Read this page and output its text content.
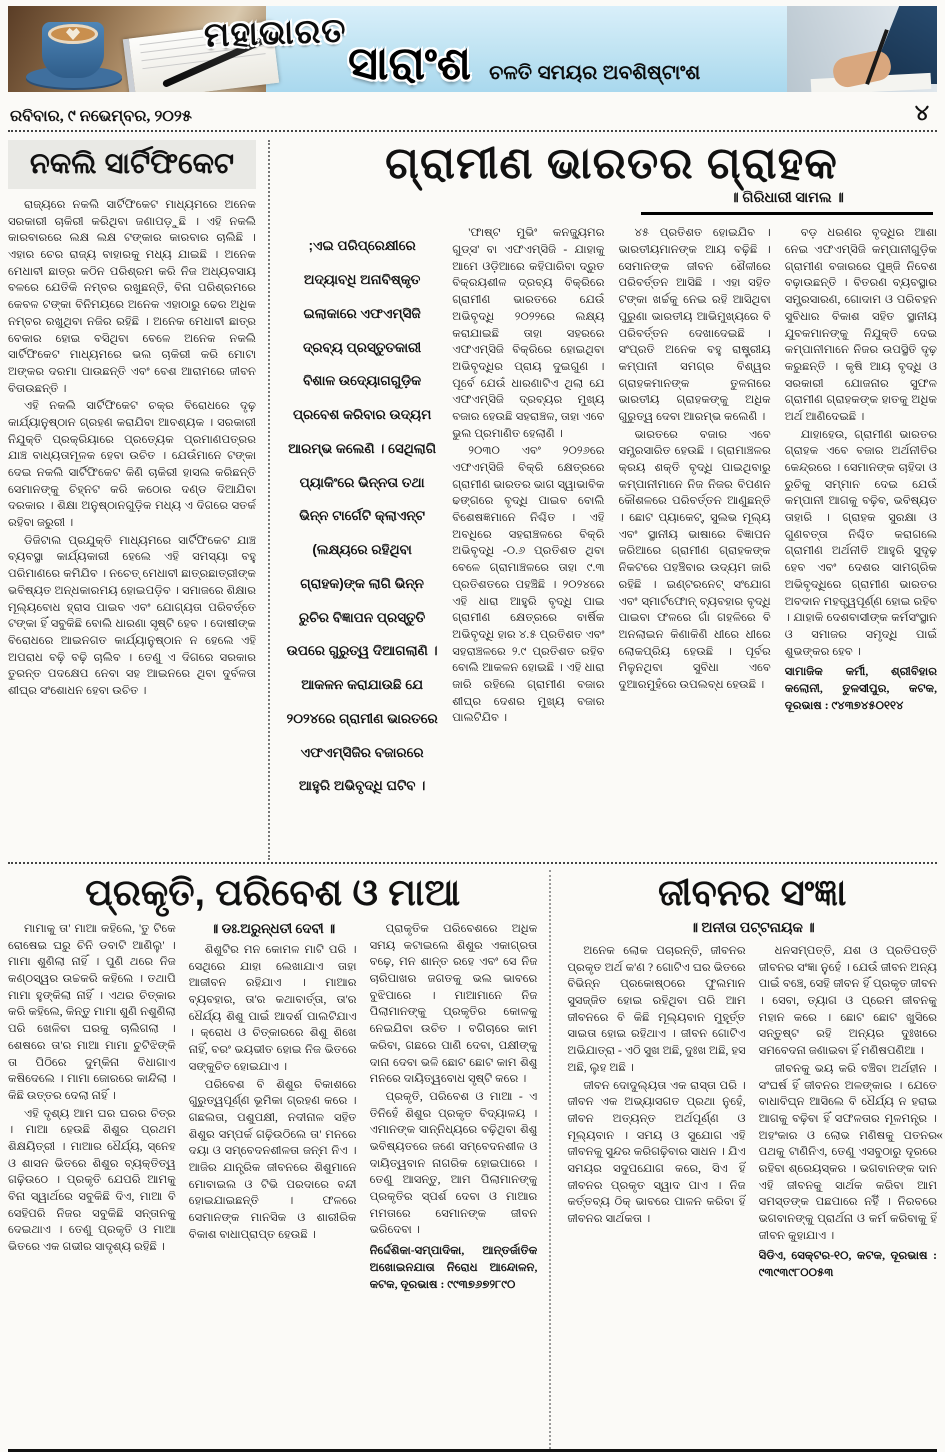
ମହାଭାରତ
ସାରାଂଶ ଚଳତି ସମୟର ଅବଶିଷ୍ଟାଂଶ
ରବିବାର, ୯ ନଭେମ୍ବର, ୨୦୨୫	୪
ନକଲି ସାର୍ଟିଫିକେଟ

ରାଜ୍ୟରେ ନକଲି ସାର୍ଟିଫିକେଟ ମାଧ୍ୟମରେ ଅନେକ ସରକାରୀ ଚାକିରୀ କରିଥିବା ଜଣାପଡ଼ୁଛି । ଏହି ନକଲି କାରବାରରେ ଲକ୍ଷ ଲକ୍ଷ ଟଙ୍କାର କାରବାର ଚାଲିଛି । ଏହାର ଚେର ରାଜ୍ୟ ବାହାରକୁ ମଧ୍ୟ ଯାଇଛି । ଅନେକ ମେଧାବୀ ଛାତ୍ର କଠିନ ପରିଶ୍ରମ କରି ନିଜ ଅଧ୍ୟବସାୟ ବଳରେ ଯେତିକି ନମ୍ବର ରଖୁଛନ୍ତି, ବିନା ପରିଶ୍ରମରେ କେବଳ ଟଙ୍କା ବିନିମୟରେ ଅନେକ ଏହାଠାରୁ ଢେର ଅଧିକ ନମ୍ବର ରଖୁଥିବା ନଜିର ରହିଛି । ଅନେକ ମେଧାବୀ ଛାତ୍ର ବେକାର ହୋଇ ବସିଥିବା ବେଳେ ଅନେକ ନକଲି ସାର୍ଟିଫିକେଟ ମାଧ୍ୟମରେ ଭଲ ଚାକିରୀ କରି ମୋଟା ଅଙ୍କର ଦରମା ପାଉଛନ୍ତି ଏବଂ ବେଶ ଆରାମରେ ଜୀବନ ବିତାଉଛନ୍ତି ।

ଏହି ନକଲି ସାର୍ଟିଫିକେଟ ଚକ୍ର ବିରୋଧରେ ଦୃଢ଼ କାର୍ଯ୍ୟାନୁଷ୍ଠାନ ଗ୍ରହଣ କରାଯିବା ଆବଶ୍ୟକ । ସରକାରୀ ନିଯୁକ୍ତି ପ୍ରକ୍ରିୟାରେ ପ୍ରତ୍ୟେକ ପ୍ରମାଣପତ୍ରର ଯାଞ୍ଚ ବାଧ୍ୟତାମୂଳକ ହେବା ଉଚିତ । ଯେଉଁମାନେ ଟଙ୍କା ଦେଇ ନକଲି ସାର୍ଟିଫିକେଟ କିଣି ଚାକିରୀ ହାସଲ କରିଛନ୍ତି ସେମାନଙ୍କୁ ଚିହ୍ନଟ କରି କଠୋର ଦଣ୍ଡ ଦିଆଯିବା ଦରକାର । ଶିକ୍ଷା ଅନୁଷ୍ଠାନଗୁଡ଼ିକ ମଧ୍ୟ ଏ ଦିଗରେ ସତର୍କ ରହିବା ଜରୁରୀ ।

ଡିଜିଟାଲ ପ୍ରଯୁକ୍ତି ମାଧ୍ୟମରେ ସାର୍ଟିଫିକେଟ ଯାଞ୍ଚ ବ୍ୟବସ୍ଥା କାର୍ଯ୍ୟକାରୀ ହେଲେ ଏହି ସମସ୍ୟା ବହୁ ପରିମାଣରେ କମିଯିବ । ନଚେତ୍ ମେଧାବୀ ଛାତ୍ରଛାତ୍ରୀଙ୍କ ଭବିଷ୍ୟତ ଅନ୍ଧକାରମୟ ହୋଇପଡ଼ିବ । ସମାଜରେ ଶିକ୍ଷାର ମୂଲ୍ୟବୋଧ ହ୍ରାସ ପାଇବ ଏବଂ ଯୋଗ୍ୟତା ପରିବର୍ତ୍ତେ ଟଙ୍କା ହିଁ ସବୁକିଛି ବୋଲି ଧାରଣା ସୃଷ୍ଟି ହେବ । ଦୋଷୀଙ୍କ ବିରୋଧରେ ଆଇନଗତ କାର୍ଯ୍ୟାନୁଷ୍ଠାନ ନ ହେଲେ ଏହି ଅପରାଧ ବଢ଼ି ବଢ଼ି ଚାଲିବ । ତେଣୁ ଏ ଦିଗରେ ସରକାର ତୁରନ୍ତ ପଦକ୍ଷେପ ନେବା ସହ ଆଇନରେ ଥିବା ଦୁର୍ବଳତା ଶୀଘ୍ର ସଂଶୋଧନ ହେବା ଉଚିତ ।

ଗ୍ରାମୀଣ ଭାରତର ଗ୍ରାହକ
॥ ଗିରିଧାରୀ ସାମଲ ॥
;ଏଇ ପରିପ୍ରେକ୍ଷୀରେ ଅଦ୍ୟାବଧି ଅନାବିଷ୍କୃତ ଇଲାକାରେ ଏଫଏମ୍‌ସିଜି ଦ୍ରବ୍ୟ ପ୍ରସ୍ତୁତକାରୀ ବିଶାଳ ଉଦ୍ୟୋଗଗୁଡ଼ିକ ପ୍ରବେଶ କରିବାର ଉଦ୍ୟମ ଆରମ୍ଭ କଲେଣି । ସେଥିଲାଗି ପ୍ୟାକିଂରେ ଭିନ୍ନତା ତଥା ଭିନ୍ନ ଟାର୍ଗେଟି କ୍ଲାଏନ୍ଟ (ଲକ୍ଷ୍ୟରେ ରହିଥିବା ଗ୍ରାହକ)ଙ୍କ ଲାଗି ଭିନ୍ନ ରୁଚିର ବିଜ୍ଞାପନ ପ୍ରସ୍ତୁତି ଉପରେ ଗୁରୁତ୍ୱ ଦିଆଗଲାଣି । ଆକଳନ କରାଯାଉଛି ଯେ ୨୦୨୪ରେ ଗ୍ରାମୀଣ ଭାରତରେ ଏଫଏମ୍‌ସିଜିର ବଜାରରେ ଆହୁରି ଅଭିବୃଦ୍ଧି ଘଟିବ ।

'ଫାଷ୍ଟ ମୁଭିଂ କନଜ୍ୟୁମର ଗୁଡ୍‌ସ' ବା ଏଫଏମ୍‌ସିଜି - ଯାହାକୁ ଆମେ ଓଡ଼ିଆରେ କହିପାରିବା ଦ୍ରୁତ ବିକ୍ରୟଶୀଳ ଦ୍ରବ୍ୟ ବିକ୍ରିରେ ଗ୍ରାମୀଣ ଭାରତରେ ଯେଉଁ ଅଭିବୃଦ୍ଧି ୨୦୨୨ରେ ଲକ୍ଷ୍ୟ କରାଯାଇଛି ତାହା ସହରରେ ଏଫଏମ୍‌ସିଜି ବିକ୍ରିରେ ହୋଇଥିବା ଅଭିବୃଦ୍ଧିର ପ୍ରାୟ ଦୁଇଗୁଣ । ପୂର୍ବେ ଯେଉଁ ଧାରଣାଟିଏ ଥିଲା ଯେ ଏଫଏମ୍‌ସିଜି ଦ୍ରବ୍ୟର ମୁଖ୍ୟ ବଜାର ହେଉଛି ସହରାଞ୍ଚଳ, ତାହା ଏବେ ଭୁଲ ପ୍ରମାଣିତ ହେଲାଣି ।

୨୦୩୦ ଏବଂ ୨୦୨୬ରେ ଏଫଏମ୍‌ସିଜି ବିକ୍ରି କ୍ଷେତ୍ରରେ ଗ୍ରାମୀଣ ଭାରତର ଭାଗ ସ୍ୱାଭାବିକ ଢଙ୍ଗରେ ବୃଦ୍ଧି ପାଇବ ବୋଲି ବିଶେଷଜ୍ଞମାନେ ନିଶ୍ଚିତ । ଏହି ଅବଧିରେ ସହରାଞ୍ଚଳରେ ବିକ୍ରି ଅଭିବୃଦ୍ଧି -୦.୬ ପ୍ରତିଶତ ଥିବା ବେଳେ ଗ୍ରାମାଞ୍ଚଳରେ ତାହା ୯.୩ ପ୍ରତିଶତରେ ପହଞ୍ଚିଛି । ୨୦୨୪ରେ ଏହି ଧାରା ଆହୁରି ବୃଦ୍ଧି ପାଇ ଗ୍ରାମୀଣ କ୍ଷେତ୍ରରେ ବାର୍ଷିକ ଅଭିବୃଦ୍ଧି ହାର ୪.୫ ପ୍ରତିଶତ ଏବଂ ସହରାଞ୍ଚଳରେ ୨.୯ ପ୍ରତିଶତ ରହିବ ବୋଲି ଆକଳନ ହୋଇଛି । ଏହି ଧାରା ଜାରି ରହିଲେ ଗ୍ରାମୀଣ ବଜାର ଶୀଘ୍ର ଦେଶର ମୁଖ୍ୟ ବଜାର ପାଲଟିଯିବ ।

୪୫ ପ୍ରତିଶତ ହୋଇଯିବ । ଭାରତୀୟମାନଙ୍କ ଆୟ ବଢ଼ିଛି । ସେମାନଙ୍କ ଜୀବନ ଶୈଳୀରେ ପରିବର୍ତ୍ତନ ଆସିଛି । ଏହା ସହିତ ଟଙ୍କା ଖର୍ଚ୍ଚକୁ ନେଇ ରହି ଆସିଥିବା ପୁରୁଣା ଭାରତୀୟ ଆଭିମୁଖ୍ୟରେ ବି ପରିବର୍ତ୍ତନ ଦେଖାଦେଇଛି । ସଂପ୍ରତି ଅନେକ ବହୁ ରାଷ୍ଟ୍ରୀୟ କମ୍ପାନୀ ସମଗ୍ର ବିଶ୍ୱର ଗ୍ରାହକମାନଙ୍କ ତୁଳନାରେ ଭାରତୀୟ ଗ୍ରାହକଙ୍କୁ ଅଧିକ ଗୁରୁତ୍ୱ ଦେବା ଆରମ୍ଭ କଲେଣି ।

ଭାରତରେ ବଜାର ଏବେ ସମ୍ପ୍ରସାରିତ ହେଉଛି । ଗ୍ରାମାଞ୍ଚଳର କ୍ରୟ ଶକ୍ତି ବୃଦ୍ଧି ପାଇଥିବାରୁ କମ୍ପାନୀମାନେ ନିଜ ନିଜର ବିପଣନ କୌଶଳରେ ପରିବର୍ତ୍ତନ ଆଣୁଛନ୍ତି । ଛୋଟ ପ୍ୟାକେଟ୍, ସୁଲଭ ମୂଲ୍ୟ ଏବଂ ସ୍ଥାନୀୟ ଭାଷାରେ ବିଜ୍ଞାପନ ଜରିଆରେ ଗ୍ରାମୀଣ ଗ୍ରାହକଙ୍କ ନିକଟରେ ପହଞ୍ଚିବାର ଉଦ୍ୟମ ଜାରି ରହିଛି । ଇଣ୍ଟରନେଟ୍ ସଂଯୋଗ ଏବଂ ସ୍ମାର୍ଟଫୋନ୍ ବ୍ୟବହାର ବୃଦ୍ଧି ପାଇବା ଫଳରେ ଗାଁ ଗହଳିରେ ବି ଅନଲାଇନ କିଣାକିଣି ଧୀରେ ଧୀରେ ଲୋକପ୍ରିୟ ହେଉଛି । ପୂର୍ବର ମିଳୁନଥିବା ସୁବିଧା ଏବେ ଦୁଆରମୁହଁରେ ଉପଲବ୍ଧ ହେଉଛି ।

ବଡ଼ ଧରଣର ବୃଦ୍ଧିର ଆଶା ନେଇ ଏଫଏମ୍‌ସିଜି କମ୍ପାନୀଗୁଡ଼ିକ ଗ୍ରାମୀଣ ବଜାରରେ ପୁଞ୍ଜି ନିବେଶ ବଢ଼ାଉଛନ୍ତି । ବିତରଣ ବ୍ୟବସ୍ଥାର ସମ୍ପ୍ରସାରଣ, ଗୋଦାମ ଓ ପରିବହନ ସୁବିଧାର ବିକାଶ ସହିତ ସ୍ଥାନୀୟ ଯୁବକମାନଙ୍କୁ ନିଯୁକ୍ତି ଦେଇ କମ୍ପାନୀମାନେ ନିଜର ଉପସ୍ଥିତି ଦୃଢ଼ କରୁଛନ୍ତି । କୃଷି ଆୟ ବୃଦ୍ଧି ଓ ସରକାରୀ ଯୋଜନାର ସୁଫଳ ଗ୍ରାମୀଣ ଗ୍ରାହକଙ୍କ ହାତକୁ ଅଧିକ ଅର୍ଥ ଆଣିଦେଇଛି ।

ଯାହାହେଉ, ଗ୍ରାମୀଣ ଭାରତର ଗ୍ରାହକ ଏବେ ବଜାର ଅର୍ଥନୀତିର କେନ୍ଦ୍ରରେ । ସେମାନଙ୍କ ଚାହିଦା ଓ ରୁଚିକୁ ସମ୍ମାନ ଦେଇ ଯେଉଁ କମ୍ପାନୀ ଆଗକୁ ବଢ଼ିବ, ଭବିଷ୍ୟତ ତାହାରି । ଗ୍ରାହକ ସୁରକ୍ଷା ଓ ଗୁଣବତ୍ତା ନିଶ୍ଚିତ କରାଗଲେ ଗ୍ରାମୀଣ ଅର୍ଥନୀତି ଆହୁରି ସୁଦୃଢ଼ ହେବ ଏବଂ ଦେଶର ସାମଗ୍ରିକ ଅଭିବୃଦ୍ଧିରେ ଗ୍ରାମୀଣ ଭାରତର ଅବଦାନ ମହତ୍ତ୍ୱପୂର୍ଣ୍ଣ ହୋଇ ରହିବ । ଯାହାକି ଦେଶବାସୀଙ୍କ କର୍ମସଂସ୍ଥାନ ଓ ସମାଜର ସମୃଦ୍ଧି ପାଇଁ ଶୁଭଙ୍କର ହେବ ।

ସାମାଜିକ କର୍ମୀ, ଶ୍ରୀବିହାର କଲୋନୀ, ତୁଳସୀପୁର, କଟକ, ଦୂରଭାଷ : ୯୪୩୭୪୫୦୧୧୪

ପ୍ରକୃତି, ପରିବେଶ ଓ ମାଆ

ମାମାକୁ ତା' ମାଆ କହିଲେ, 'ତୁ ଟିକେ ରୋଷେଇ ଘରୁ ଚିନି ଡବାଟି ଆଣିଲୁ' । ମାମା ଶୁଣିଲା ନାହିଁ । ପୁଣି ଥରେ ନିଜ କଣ୍ଠସ୍ୱର ଉଚ୍ଚକରି କହିଲେ । ତଥାପି ମାମା ହୁଙ୍କିଲା ନାହିଁ । ଏଥର ଚିତ୍କାର କରି କହିଲେ, କିନ୍ତୁ ମାମା ଶୁଣି ନଶୁଣିଲା ପରି ଖେଳିବା ଘରକୁ ଚାଲିଗଲା । ଶେଷରେ ତା'ର ମାଆ ମାମା ଚୁଟିଝିଙ୍କି ତା ପିଠିରେ ଦୁମ୍‌କିନା ବିଧାଗାଏ କଷିଦେଲେ । ମାମା ଜୋରରେ କାନ୍ଦିଲା । କିଛି ଉତ୍ତର ଦେଲା ନାହିଁ ।

ଏହି ଦୃଶ୍ୟ ଆମ ଘର ଘରର ଚିତ୍ର । ମାଆ ହେଉଛି ଶିଶୁର ପ୍ରଥମ ଶିକ୍ଷୟିତ୍ରୀ । ମାଆର ଧୈର୍ଯ୍ୟ, ସ୍ନେହ ଓ ଶାସନ ଭିତରେ ଶିଶୁର ବ୍ୟକ୍ତିତ୍ୱ ଗଢ଼ିଉଠେ । ପ୍ରକୃତି ଯେପରି ଆମକୁ ବିନା ସ୍ୱାର୍ଥରେ ସବୁକିଛି ଦିଏ, ମାଆ ବି ସେହିପରି ନିଜର ସବୁକିଛି ସନ୍ତାନକୁ ଦେଇଥାଏ । ତେଣୁ ପ୍ରକୃତି ଓ ମାଆ ଭିତରେ ଏକ ଗଭୀର ସାଦୃଶ୍ୟ ରହିଛି ।

॥ ଡଃ.ଅରୁନ୍ଧତୀ ଦେବୀ ॥

ଶିଶୁଟିର ମନ କୋମଳ ମାଟି ପରି । ସେଥିରେ ଯାହା ଲେଖାଯାଏ ତାହା ଆଜୀବନ ରହିଯାଏ । ମାଆର ବ୍ୟବହାର, ତା'ର କଥାବାର୍ତ୍ତା, ତା'ର ଧୈର୍ଯ୍ୟ ଶିଶୁ ପାଇଁ ଆଦର୍ଶ ପାଲଟିଯାଏ । କ୍ରୋଧ ଓ ଚିତ୍କାରରେ ଶିଶୁ ଶିଖେ ନାହିଁ, ବରଂ ଭୟଭୀତ ହୋଇ ନିଜ ଭିତରେ ସଙ୍କୁଚିତ ହୋଇଯାଏ ।

ପରିବେଶ ବି ଶିଶୁର ବିକାଶରେ ଗୁରୁତ୍ୱପୂର୍ଣ୍ଣ ଭୂମିକା ଗ୍ରହଣ କରେ । ଗଛଲତା, ପଶୁପକ୍ଷୀ, ନଦୀନାଳ ସହିତ ଶିଶୁର ସମ୍ପର୍କ ଗଢ଼ିଉଠିଲେ ତା' ମନରେ ଦୟା ଓ ସମ୍ବେଦନଶୀଳତା ଜନ୍ମ ନିଏ । ଆଜିର ଯାନ୍ତ୍ରିକ ଜୀବନରେ ଶିଶୁମାନେ ମୋବାଇଲ ଓ ଟିଭି ପରଦାରେ ବନ୍ଦୀ ହୋଇଯାଇଛନ୍ତି । ଫଳରେ ସେମାନଙ୍କ ମାନସିକ ଓ ଶାରୀରିକ ବିକାଶ ବାଧାପ୍ରାପ୍ତ ହେଉଛି ।

ପ୍ରାକୃତିକ ପରିବେଶରେ ଅଧିକ ସମୟ କଟାଇଲେ ଶିଶୁର ଏକାଗ୍ରତା ବଢ଼େ, ମନ ଶାନ୍ତ ରହେ ଏବଂ ସେ ନିଜ ଚାରିପାଖର ଜଗତକୁ ଭଲ ଭାବରେ ବୁଝିପାରେ । ମାଆମାନେ ନିଜ ପିଲାମାନଙ୍କୁ ପ୍ରକୃତିର କୋଳକୁ ନେଇଯିବା ଉଚିତ । ବଗିଚାରେ କାମ କରିବା, ଗଛରେ ପାଣି ଦେବା, ପକ୍ଷୀଙ୍କୁ ଦାନା ଦେବା ଭଳି ଛୋଟ ଛୋଟ କାମ ଶିଶୁ ମନରେ ଦାୟିତ୍ୱବୋଧ ସୃଷ୍ଟି କରେ ।

ପ୍ରକୃତି, ପରିବେଶ ଓ ମାଆ - ଏ ତିନିହେଁ ଶିଶୁର ପ୍ରକୃତ ବିଦ୍ୟାଳୟ । ଏମାନଙ୍କ ସାନ୍ନିଧ୍ୟରେ ବଢ଼ିଥିବା ଶିଶୁ ଭବିଷ୍ୟତରେ ଜଣେ ସମ୍ବେଦନଶୀଳ ଓ ଦାୟିତ୍ୱବାନ ନାଗରିକ ହୋଇପାରେ । ତେଣୁ ଆସନ୍ତୁ, ଆମ ପିଲାମାନଙ୍କୁ ପ୍ରକୃତିର ସ୍ପର୍ଶ ଦେବା ଓ ମାଆର ମମତାରେ ସେମାନଙ୍କ ଜୀବନ ଭରିଦେବା ।

ନିର୍ଦ୍ଦେଶିକା-ସମ୍ପାଦିକା, ଆନ୍ତର୍ଜାତିକ ଅଖୋଇନଯାତା ନିରୋଧ ଆନ୍ଦୋଳନ, କଟକ, ଦୂରଭାଷ : ୯୯୩୭୬୭୨୮୯୦

ଜୀବନର ସଂଜ୍ଞା
॥ ଅନୀତା ପଟ୍ଟନାୟକ ॥

ଅନେକ ଲୋକ ପଚାରନ୍ତି, ଜୀବନର ପ୍ରକୃତ ଅର୍ଥ କ'ଣ ? ଗୋଟିଏ ଘର ଭିତରେ ବିଭିନ୍ନ ପ୍ରକୋଷ୍ଠରେ ଫୁଲମାନ ସୁସଜ୍ଜିତ ହୋଇ ରହିଥିବା ପରି ଆମ ଜୀବନରେ ବି କିଛି ମୂଲ୍ୟବାନ ମୁହୂର୍ତ୍ତ ସାଇତା ହୋଇ ରହିଥାଏ । ଜୀବନ ଗୋଟିଏ ଅଭିଯାତ୍ରା - ଏଠି ସୁଖ ଅଛି, ଦୁଃଖ ଅଛି, ହସ ଅଛି, ଲୁହ ଅଛି ।

ଜୀବନ ଦୋଦୁଲ୍ୟତା ଏକ ରାସ୍ତା ପରି । ଜୀବନ ଏକ ଅଭ୍ୟାସଗତ ପ୍ରଥା ନୁହେଁ, ଜୀବନ ଅତ୍ୟନ୍ତ ଅର୍ଥପୂର୍ଣ୍ଣ ଓ ମୂଲ୍ୟବାନ । ସମୟ ଓ ସୁଯୋଗ ଏହି ଜୀବନକୁ ସୁନ୍ଦର କରିଗଢ଼ିବାର ସାଧନ । ଯିଏ ସମୟର ସଦୁପଯୋଗ କରେ, ସିଏ ହିଁ ଜୀବନର ପ୍ରକୃତ ସ୍ୱାଦ ପାଏ । ନିଜ କର୍ତ୍ତବ୍ୟ ଠିକ୍ ଭାବରେ ପାଳନ କରିବା ହିଁ ଜୀବନର ସାର୍ଥକତା ।

ଧନସମ୍ପତ୍ତି, ଯଶ ଓ ପ୍ରତିପତ୍ତି ଜୀବନର ସଂଜ୍ଞା ନୁହେଁ । ଯେଉଁ ଜୀବନ ଅନ୍ୟ ପାଇଁ ବଞ୍ଚେ, ସେହି ଜୀବନ ହିଁ ପ୍ରକୃତ ଜୀବନ । ସେବା, ତ୍ୟାଗ ଓ ପ୍ରେମ ଜୀବନକୁ ମହାନ କରେ । ଛୋଟ ଛୋଟ ଖୁସିରେ ସନ୍ତୁଷ୍ଟ ରହି ଅନ୍ୟର ଦୁଃଖରେ ସମବେଦନା ଜଣାଇବା ହିଁ ମଣିଷପଣିଆ ।

ଜୀବନକୁ ଭୟ କରି ବଞ୍ଚିବା ଅର୍ଥହୀନ । ସଂଘର୍ଷ ହିଁ ଜୀବନର ଅଳଙ୍କାର । ଯେତେ ବାଧାବିଘ୍ନ ଆସିଲେ ବି ଧୈର୍ଯ୍ୟ ନ ହରାଇ ଆଗକୁ ବଢ଼ିବା ହିଁ ସଫଳତାର ମୂଳମନ୍ତ୍ର । ଅହଂକାର ଓ ଲୋଭ ମଣିଷକୁ ପତନର ପଥକୁ ଟାଣିନିଏ, ତେଣୁ ଏସବୁଠାରୁ ଦୂରରେ ରହିବା ଶ୍ରେୟସ୍କର । ଭଗବାନଙ୍କ ଦାନ ଏହି ଜୀବନକୁ ସାର୍ଥକ କରିବା ଆମ ସମସ୍ତଙ୍କ ପଛପାରେ ନର୍ହିଁ । ନିରବରେ ଭଗବାନଙ୍କୁ ପ୍ରାର୍ଥନା ଓ କର୍ମ କରିବାକୁ ହିଁ ଜୀବନ କୁହାଯାଏ ।

ସିଡିଏ, ସେକ୍ଟର-୧୦, କଟକ, ଦୂରଭାଷ : ୯୩୯୩୯୮୦୦୫୩

«
